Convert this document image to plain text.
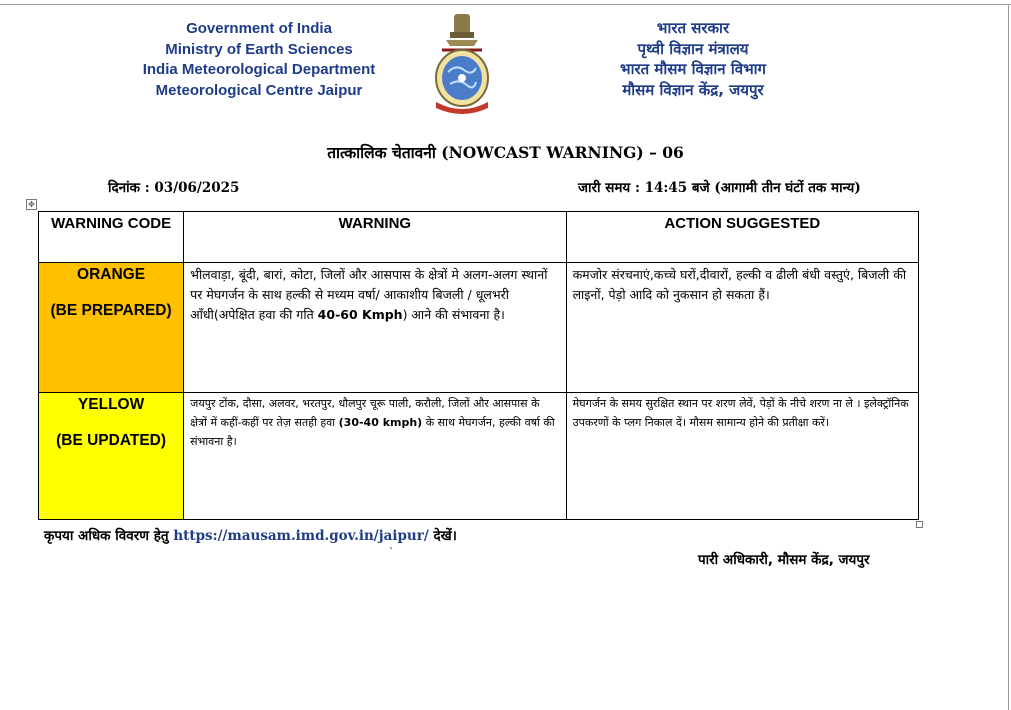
Government of India
Ministry of Earth Sciences
India Meteorological Department
Meteorological Centre Jaipur
भारत सरकार
पृथ्वी विज्ञान मंत्रालय
भारत मौसम विज्ञान विभाग
मौसम विज्ञान केंद्र, जयपुर
तात्कालिक चेतावनी (NOWCAST WARNING) – 06
दिनांक : 03/06/2025	जारी समय : 14:45 बजे (आगामी तीन घंटों तक मान्य)
✥
WARNING CODE	WARNING	ACTION SUGGESTED
ORANGE
(BE PREPARED)	भीलवाड़ा, बूंदी, बारां, कोटा, जिलों और आसपास के क्षेत्रों मे अलग-अलग स्थानों पर मेघगर्जन के साथ हल्की से मध्यम वर्षा/ आकाशीय बिजली / धूलभरी आँधी(अपेक्षित हवा की गति 40-60 Kmph) आने की संभावना है।	कमजोर संरचनाएं,कच्चे घरों,दीवारों, हल्की व ढीली बंधी वस्तुएं, बिजली की लाइनों, पेड़ो आदि को नुकसान हो सकता हैं।
YELLOW
(BE UPDATED)	जयपुर टोंक, दौसा, अलवर, भरतपुर, धौलपुर चूरू पाली, करौली, जिलों और आसपास के क्षेत्रों में कहीं-कहीं पर तेज़ सतही हवा (30-40 kmph) के साथ मेघगर्जन, हल्की वर्षा की संभावना है।	मेघगर्जन के समय सुरक्षित स्थान पर शरण लेवें, पेड़ों के नीचे शरण ना ले । इलेक्ट्रॉनिक उपकरणों के प्लग निकाल दें। मौसम सामान्य होने की प्रतीक्षा करें।
कृपया अधिक विवरण हेतु https://mausam.imd.gov.in/jaipur/ देखें।
`	पारी अधिकारी, मौसम केंद्र, जयपुर
